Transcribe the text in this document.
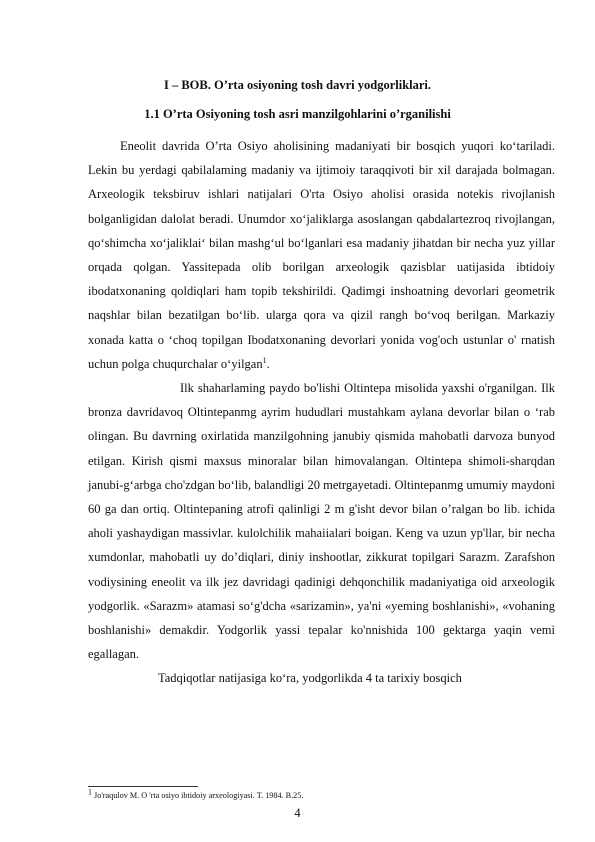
I – BOB. O’rta osiyoning tosh davri yodgorliklari.
1.1 O’rta Osiyoning tosh asri manzilgohlarini o’rganilishi

Eneolit davrida O’rta Osiyo aholisining madaniyati bir bosqich yuqori ko‘tariladi. Lekin bu yerdagi qabilalaming madaniy va ijtimoiy taraqqivoti bir xil darajada bolmagan. Arxeologik teksbiruv ishlari natijalari O'rta Osiyo aholisi orasida notekis rivojlanish bolganligidan dalolat beradi. Unumdor xo‘jaliklarga asoslangan qabdalartezroq rivojlangan, qo‘shimcha xo‘jaliklai‘ bilan mashg‘ul bo‘lganlari esa madaniy jihatdan bir necha yuz yillar orqada qolgan. Yassitepada olib borilgan arxeologik qazisblar uatijasida ibtidoiy ibodatxonaning qoldiqlari ham topib tekshirildi. Qadimgi inshoatning devorlari geometrik naqshlar bilan bezatilgan bo‘lib. ularga qora va qizil rangh bo‘voq berilgan. Markaziy xonada katta o ‘choq topilgan Ibodatxonaning devorlari yonida vog'och ustunlar o' rnatish uchun polga chuqurchalar o‘yilgan$^1$.

Ilk shaharlaming paydo bo'lishi Oltintepa misolida yaxshi o'rganilgan. Ilk bronza davridavoq Oltintepanmg ayrim hududlari mustahkam aylana devorlar bilan o ‘rab olingan. Bu davrning oxirlatida manzilgohning janubiy qismida mahobatli darvoza bunyod etilgan. Kirish qismi maxsus minoralar bilan himovalangan. Oltintepa shimoli-sharqdan janubi-g‘arbga cho'zdgan bo‘lib, balandligi 20 metrgayetadi. Oltintepanmg umumiy maydoni 60 ga dan ortiq. Oltintepaning atrofi qalinligi 2 m g'isht devor bilan o’ralgan bo lib. ichida aholi yashaydigan massivlar. kulolchilik mahaiialari boigan. Keng va uzun yp'llar, bir necha xumdonlar, mahobatli uy do’diqlari, diniy inshootlar, zikkurat topilgari Sarazm. Zarafshon vodiysining eneolit va ilk jez davridagi qadinigi dehqonchilik madaniyatiga oid arxeologik yodgorlik. «Sarazm» atamasi so‘g'dcha «sarizamin», ya'ni «yeming boshlanishi», «vohaning boshlanishi» demakdir. Yodgorlik yassi tepalar ko'nnishida 100 gektarga yaqin vemi egallagan.

Tadqiqotlar natijasiga ko‘ra, yodgorlikda 4 ta tarixiy bosqich

$^1$ Jo'raqulov M. O 'rta osiyo ibtidoiy arxeologiyasi. T. 1984. B.25.
4
